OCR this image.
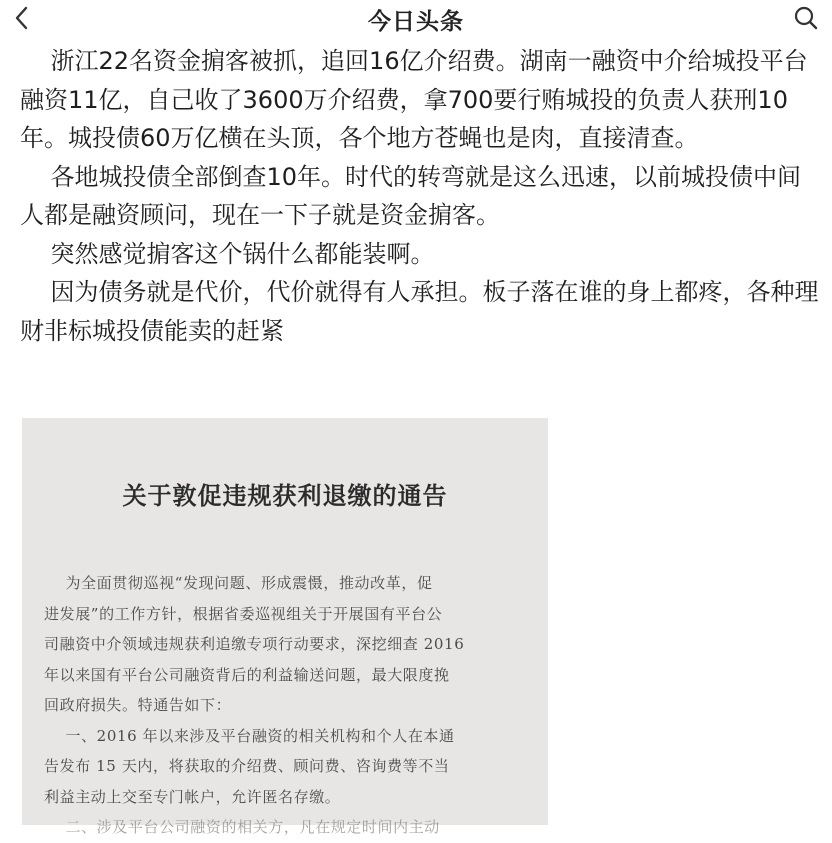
今日头条

浙江22名资金掮客被抓，追回16亿介绍费。湖南一融资中介给城投平台融资11亿，自己收了3600万介绍费，拿700要行贿城投的负责人获刑10年。城投债60万亿横在头顶，各个地方苍蝇也是肉，直接清查。

各地城投债全部倒查10年。时代的转弯就是这么迅速，以前城投债中间人都是融资顾问，现在一下子就是资金掮客。

突然感觉掮客这个锅什么都能装啊。

因为债务就是代价，代价就得有人承担。板子落在谁的身上都疼，各种理财非标城投债能卖的赶紧

关于敦促违规获利退缴的通告
为全面贯彻巡视“发现问题、形成震慑，推动改革，促
进发展”的工作方针，根据省委巡视组关于开展国有平台公
司融资中介领域违规获利追缴专项行动要求，深挖细查 2016
年以来国有平台公司融资背后的利益输送问题，最大限度挽
回政府损失。特通告如下：
一、2016 年以来涉及平台融资的相关机构和个人在本通
告发布 15 天内，将获取的介绍费、顾问费、咨询费等不当
利益主动上交至专门帐户，允许匿名存缴。
二、涉及平台公司融资的相关方，凡在规定时间内主动
